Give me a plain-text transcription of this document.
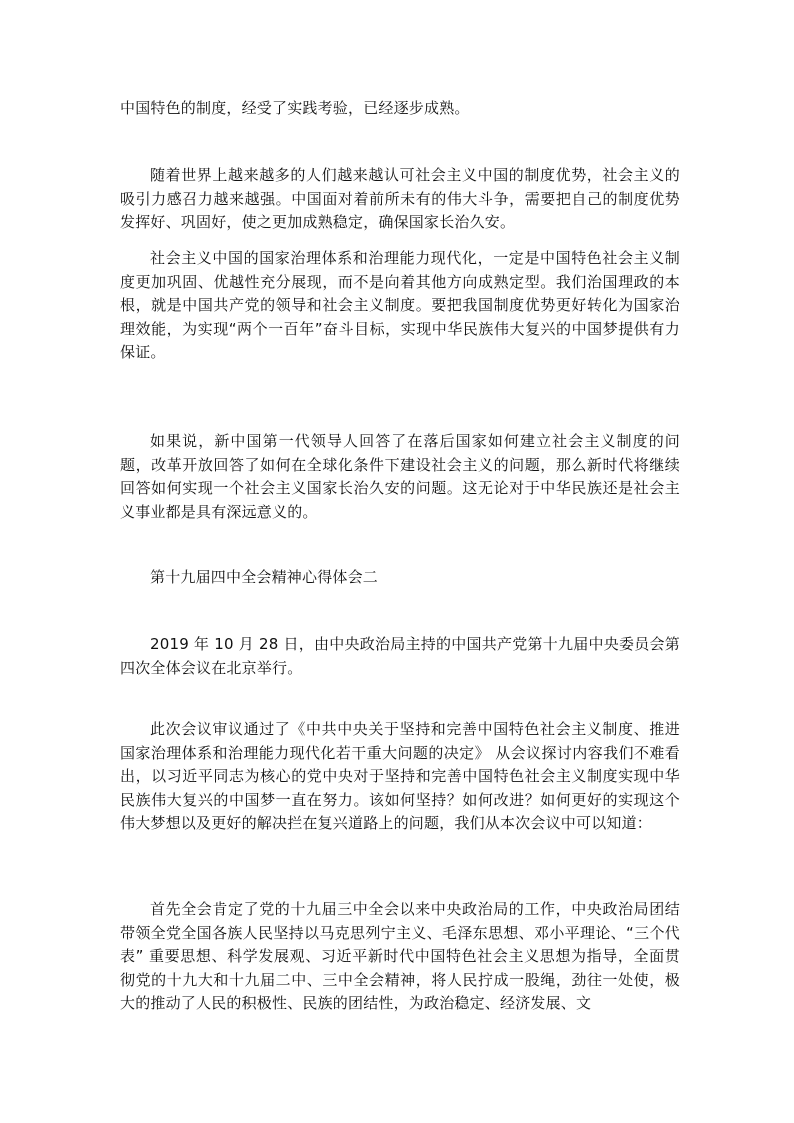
中国特色的制度，经受了实践考验，已经逐步成熟。

随着世界上越来越多的人们越来越认可社会主义中国的制度优势，社会主义的吸引力感召力越来越强。中国面对着前所未有的伟大斗争，需要把自己的制度优势发挥好、巩固好，使之更加成熟稳定，确保国家长治久安。

社会主义中国的国家治理体系和治理能力现代化，一定是中国特色社会主义制度更加巩固、优越性充分展现，而不是向着其他方向成熟定型。我们治国理政的本根，就是中国共产党的领导和社会主义制度。要把我国制度优势更好转化为国家治理效能，为实现“两个一百年”奋斗目标，实现中华民族伟大复兴的中国梦提供有力保证。

如果说，新中国第一代领导人回答了在落后国家如何建立社会主义制度的问题，改革开放回答了如何在全球化条件下建设社会主义的问题，那么新时代将继续回答如何实现一个社会主义国家长治久安的问题。这无论对于中华民族还是社会主义事业都是具有深远意义的。

第十九届四中全会精神心得体会二

2019 年 10 月 28 日，由中央政治局主持的中国共产党第十九届中央委员会第四次全体会议在北京举行。

此次会议审议通过了《中共中央关于坚持和完善中国特色社会主义制度、推进国家治理体系和治理能力现代化若干重大问题的决定》 从会议探讨内容我们不难看出，以习近平同志为核心的党中央对于坚持和完善中国特色社会主义制度实现中华民族伟大复兴的中国梦一直在努力。该如何坚持？如何改进？如何更好的实现这个伟大梦想以及更好的解决拦在复兴道路上的问题，我们从本次会议中可以知道：

首先全会肯定了党的十九届三中全会以来中央政治局的工作，中央政治局团结带领全党全国各族人民坚持以马克思列宁主义、毛泽东思想、邓小平理论、“三个代表” 重要思想、科学发展观、习近平新时代中国特色社会主义思想为指导，全面贯彻党的十九大和十九届二中、三中全会精神，将人民拧成一股绳，劲往一处使，极大的推动了人民的积极性、民族的团结性，为政治稳定、经济发展、文
